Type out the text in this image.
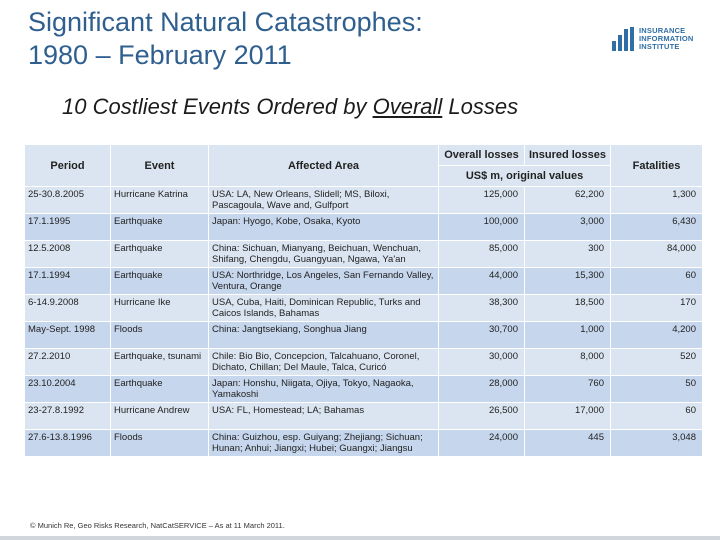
Significant Natural Catastrophes:
1980 – February 2011
INSURANCE
INFORMATION
INSTITUTE
10 Costliest Events Ordered by Overall Losses
Period	Event	Affected Area	Overall losses	Insured losses	Fatalities
			US$ m, original values		
25-30.8.2005	Hurricane Katrina	USA: LA, New Orleans, Slidell; MS, Biloxi, Pascagoula, Wave and, Gulfport	125,000	62,200	1,300
17.1.1995	Earthquake	Japan: Hyogo, Kobe, Osaka, Kyoto	100,000	3,000	6,430
12.5.2008	Earthquake	China: Sichuan, Mianyang, Beichuan, Wenchuan, Shifang, Chengdu, Guangyuan, Ngawa, Ya'an	85,000	300	84,000
17.1.1994	Earthquake	USA: Northridge, Los Angeles, San Fernando Valley, Ventura, Orange	44,000	15,300	60
6-14.9.2008	Hurricane Ike	USA, Cuba, Haiti, Dominican Republic, Turks and Caicos Islands, Bahamas	38,300	18,500	170
May-Sept. 1998	Floods	China: Jangtsekiang, Songhua Jiang	30,700	1,000	4,200
27.2.2010	Earthquake, tsunami	Chile: Bio Bio, Concepcion, Talcahuano, Coronel, Dichato, Chillan; Del Maule, Talca, Curicó	30,000	8,000	520
23.10.2004	Earthquake	Japan: Honshu, Niigata, Ojiya, Tokyo, Nagaoka, Yamakoshi	28,000	760	50
23-27.8.1992	Hurricane Andrew	USA: FL, Homestead; LA; Bahamas	26,500	17,000	60
27.6-13.8.1996	Floods	China: Guizhou, esp. Guiyang; Zhejiang; Sichuan; Hunan; Anhui; Jiangxi; Hubei; Guangxi; Jiangsu	24,000	445	3,048
© Munich Re, Geo Risks Research, NatCatSERVICE – As at 11 March 2011.
